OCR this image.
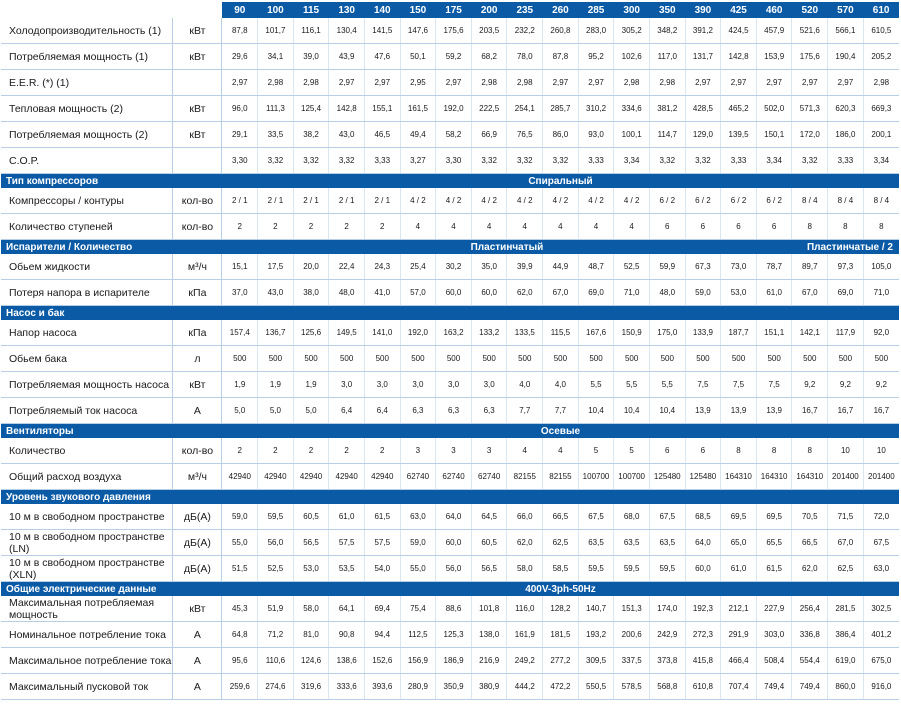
		90	100	115	130	140	150	175	200	235	260	285	300	350	390	425	460	520	570	610
Холодопроизводительность (1)	кВт	87,8	101,7	116,1	130,4	141,5	147,6	175,6	203,5	232,2	260,8	283,0	305,2	348,2	391,2	424,5	457,9	521,6	566,1	610,5
Потребляемая мощность (1)	кВт	29,6	34,1	39,0	43,9	47,6	50,1	59,2	68,2	78,0	87,8	95,2	102,6	117,0	131,7	142,8	153,9	175,6	190,4	205,2
E.E.R. (*) (1)		2,97	2,98	2,98	2,97	2,97	2,95	2,97	2,98	2,98	2,97	2,97	2,98	2,98	2,97	2,97	2,97	2,97	2,97	2,98
Тепловая мощность (2)	кВт	96,0	111,3	125,4	142,8	155,1	161,5	192,0	222,5	254,1	285,7	310,2	334,6	381,2	428,5	465,2	502,0	571,3	620,3	669,3
Потребляемая мощность (2)	кВт	29,1	33,5	38,2	43,0	46,5	49,4	58,2	66,9	76,5	86,0	93,0	100,1	114,7	129,0	139,5	150,1	172,0	186,0	200,1
C.O.P.		3,30	3,32	3,32	3,32	3,33	3,27	3,30	3,32	3,32	3,32	3,33	3,34	3,32	3,32	3,33	3,34	3,32	3,33	3,34
Тип компрессоров		Спиральный																		
Компрессоры / контуры	кол-во	2 / 1	2 / 1	2 / 1	2 / 1	2 / 1	4 / 2	4 / 2	4 / 2	4 / 2	4 / 2	4 / 2	4 / 2	6 / 2	6 / 2	6 / 2	6 / 2	8 / 4	8 / 4	8 / 4
Количество ступеней	кол-во	2	2	2	2	2	4	4	4	4	4	4	4	6	6	6	6	8	8	8
Испарители / Количество		Пластинчатый																Пластинчатые / 2		
Обьем жидкости	м³/ч	15,1	17,5	20,0	22,4	24,3	25,4	30,2	35,0	39,9	44,9	48,7	52,5	59,9	67,3	73,0	78,7	89,7	97,3	105,0
Потеря напора в испарителе	кПа	37,0	43,0	38,0	48,0	41,0	57,0	60,0	60,0	62,0	67,0	69,0	71,0	48,0	59,0	53,0	61,0	67,0	69,0	71,0
Насос и бак																				
Напор насоса	кПа	157,4	136,7	125,6	149,5	141,0	192,0	163,2	133,2	133,5	115,5	167,6	150,9	175,0	133,9	187,7	151,1	142,1	117,9	92,0
Обьем бака	л	500	500	500	500	500	500	500	500	500	500	500	500	500	500	500	500	500	500	500
Потребляемая мощность насоса	кВт	1,9	1,9	1,9	3,0	3,0	3,0	3,0	3,0	4,0	4,0	5,5	5,5	5,5	7,5	7,5	7,5	9,2	9,2	9,2
Потребляемый ток насоса	А	5,0	5,0	5,0	6,4	6,4	6,3	6,3	6,3	7,7	7,7	10,4	10,4	10,4	13,9	13,9	13,9	16,7	16,7	16,7
Вентиляторы		Осевые																		
Количество	кол-во	2	2	2	2	2	3	3	3	4	4	5	5	6	6	8	8	8	10	10
Общий расход воздуха	м³/ч	42940	42940	42940	42940	42940	62740	62740	62740	82155	82155	100700	100700	125480	125480	164310	164310	164310	201400	201400
Уровень звукового давления																				
10 м в свободном пространстве	дБ(А)	59,0	59,5	60,5	61,0	61,5	63,0	64,0	64,5	66,0	66,5	67,5	68,0	67,5	68,5	69,5	69,5	70,5	71,5	72,0
10 м в свободном пространстве (LN)	дБ(А)	55,0	56,0	56,5	57,5	57,5	59,0	60,0	60,5	62,0	62,5	63,5	63,5	63,5	64,0	65,0	65,5	66,5	67,0	67,5
10 м в свободном пространстве (XLN)	дБ(А)	51,5	52,5	53,0	53,5	54,0	55,0	56,0	56,5	58,0	58,5	59,5	59,5	59,5	60,0	61,0	61,5	62,0	62,5	63,0
Общие электрические данные		400V-3ph-50Hz																		
Максимальная потребляемая мощность	кВт	45,3	51,9	58,0	64,1	69,4	75,4	88,6	101,8	116,0	128,2	140,7	151,3	174,0	192,3	212,1	227,9	256,4	281,5	302,5
Номинальное потребление тока	А	64,8	71,2	81,0	90,8	94,4	112,5	125,3	138,0	161,9	181,5	193,2	200,6	242,9	272,3	291,9	303,0	336,8	386,4	401,2
Максимальное потребление тока	А	95,6	110,6	124,6	138,6	152,6	156,9	186,9	216,9	249,2	277,2	309,5	337,5	373,8	415,8	466,4	508,4	554,4	619,0	675,0
Максимальный пусковой ток	А	259,6	274,6	319,6	333,6	393,6	280,9	350,9	380,9	444,2	472,2	550,5	578,5	568,8	610,8	707,4	749,4	749,4	860,0	916,0
